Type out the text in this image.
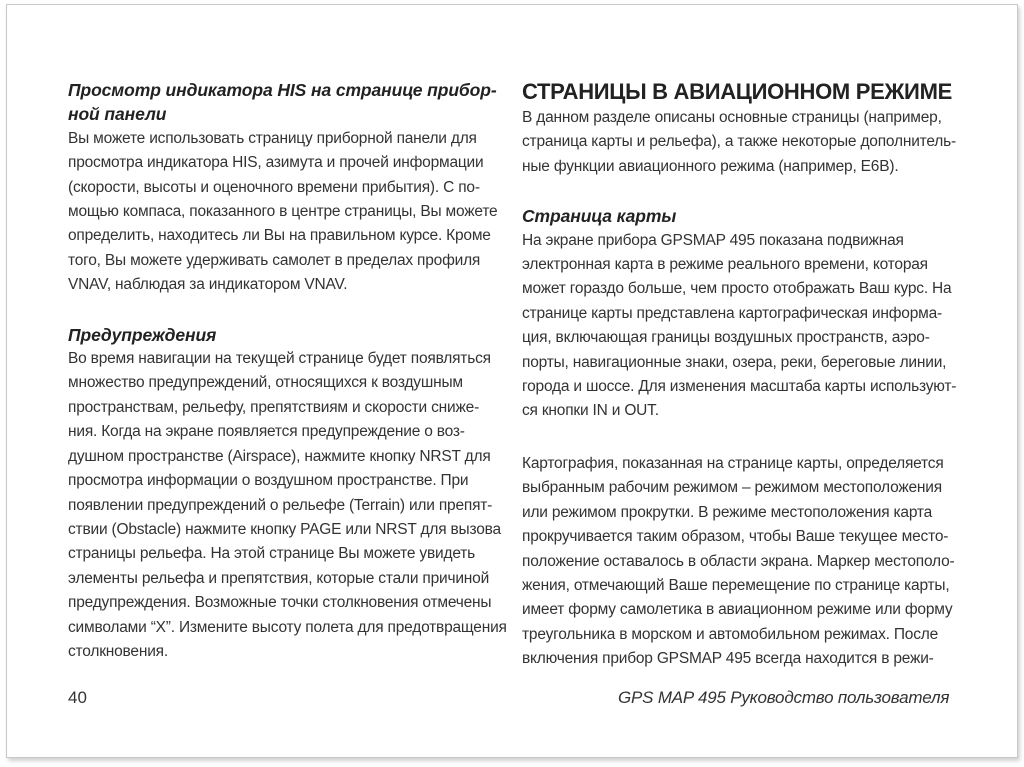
Просмотр индикатора HIS на странице прибор-
ной панели
Вы можете использовать страницу приборной панели для
просмотра индикатора HIS, азимута и прочей информации
(скорости, высоты и оценочного времени прибытия). С по-
мощью компаса, показанного в центре страницы, Вы можете
определить, находитесь ли Вы на правильном курсе. Кроме
того, Вы можете удерживать самолет в пределах профиля
VNAV, наблюдая за индикатором VNAV.
Предупреждения
Во время навигации на текущей странице будет появляться
множество предупреждений, относящихся к воздушным
пространствам, рельефу, препятствиям и скорости сниже-
ния. Когда на экране появляется предупреждение о воз-
душном пространстве (Airspace), нажмите кнопку NRST для
просмотра информации о воздушном пространстве. При
появлении предупреждений о рельефе (Terrain) или препят-
ствии (Obstacle) нажмите кнопку PAGE или NRST для вызова
страницы рельефа. На этой странице Вы можете увидеть
элементы рельефа и препятствия, которые стали причиной
предупреждения. Возможные точки столкновения отмечены
символами “X”. Измените высоту полета для предотвращения
столкновения.
СТРАНИЦЫ В АВИАЦИОННОМ РЕЖИМЕ
В данном разделе описаны основные страницы (например,
страница карты и рельефа), а также некоторые дополнитель-
ные функции авиационного режима (например, E6B).
Страница карты
На экране прибора GPSMAP 495 показана подвижная
электронная карта в режиме реального времени, которая
может гораздо больше, чем просто отображать Ваш курс. На
странице карты представлена картографическая информа-
ция, включающая границы воздушных пространств, аэро-
порты, навигационные знаки, озера, реки, береговые линии,
города и шоссе. Для изменения масштаба карты используют-
ся кнопки IN и OUT.
Картография, показанная на странице карты, определяется
выбранным рабочим режимом – режимом местоположения
или режимом прокрутки. В режиме местоположения карта
прокручивается таким образом, чтобы Ваше текущее место-
положение оставалось в области экрана. Маркер местополо-
жения, отмечающий Ваше перемещение по странице карты,
имеет форму самолетика в авиационном режиме или форму
треугольника в морском и автомобильном режимах. После
включения прибор GPSMAP 495 всегда находится в режи-
40	GPS MAP 495 Руководство пользователя
